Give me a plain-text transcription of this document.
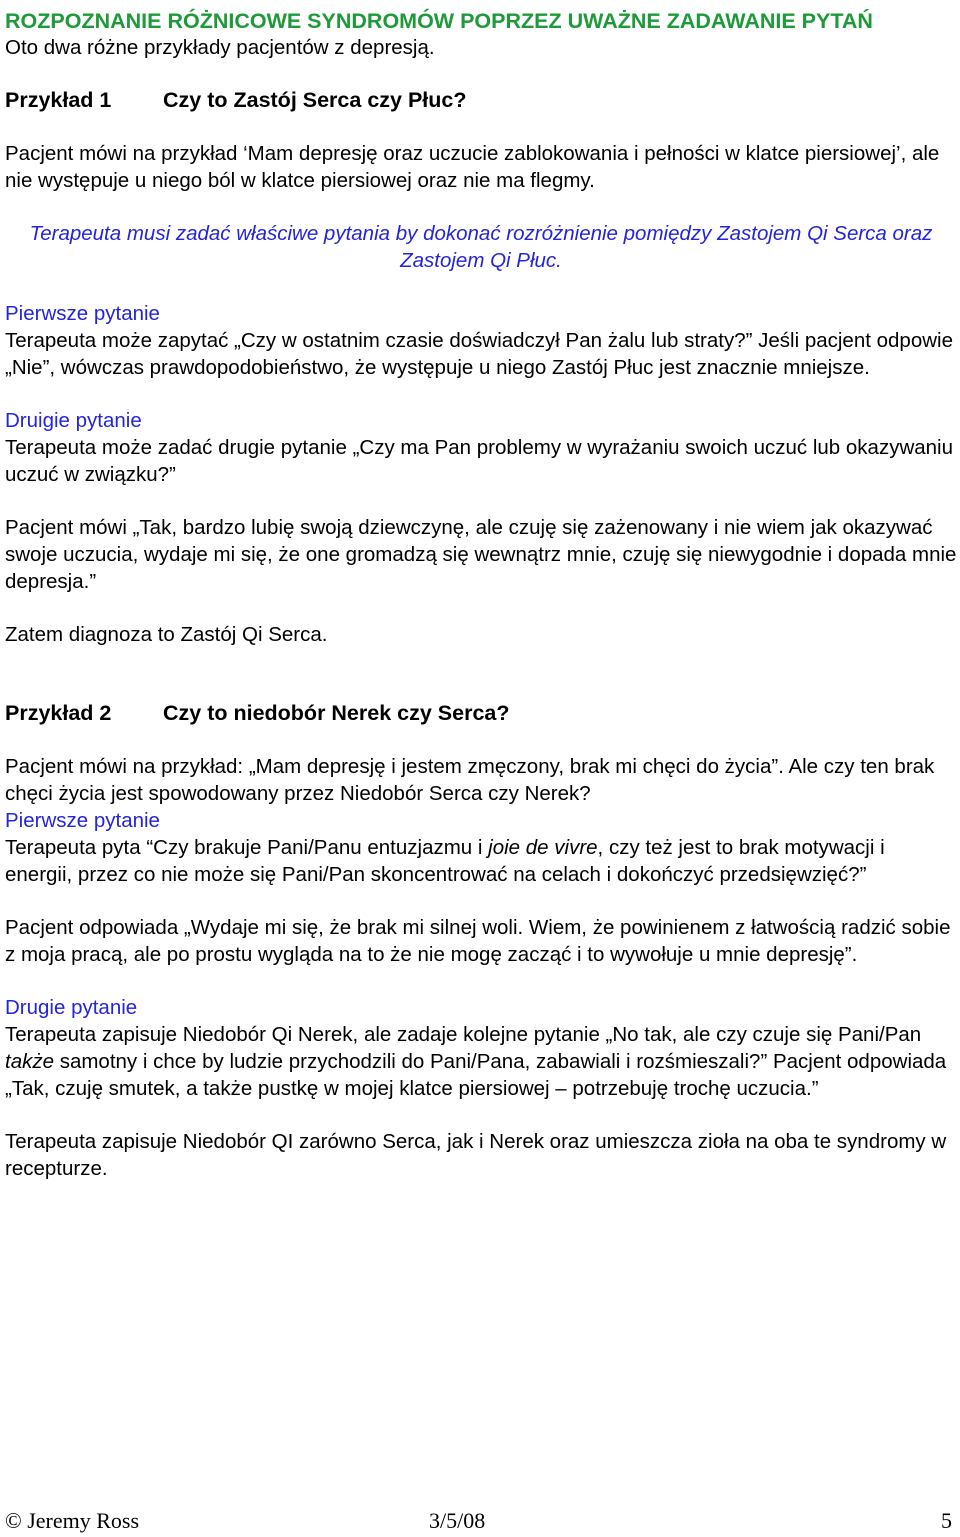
ROZPOZNANIE RÓŻNICOWE SYNDROMÓW POPRZEZ UWAŻNE ZADAWANIE PYTAŃ

Oto dwa różne przykłady pacjentów z depresją.

Przykład 1 Czy to Zastój Serca czy Płuc?

Pacjent mówi na przykład ‘Mam depresję oraz uczucie zablokowania i pełności w klatce piersiowej’, ale nie występuje u niego ból w klatce piersiowej oraz nie ma flegmy.

Terapeuta musi zadać właściwe pytania by dokonać rozróżnienie pomiędzy Zastojem Qi Serca oraz Zastojem Qi Płuc.

Pierwsze pytanie

Terapeuta może zapytać „Czy w ostatnim czasie doświadczył Pan żalu lub straty?” Jeśli pacjent odpowie „Nie”, wówczas prawdopodobieństwo, że występuje u niego Zastój Płuc jest znacznie mniejsze.

Druigie pytanie

Terapeuta może zadać drugie pytanie „Czy ma Pan problemy w wyrażaniu swoich uczuć lub okazywaniu uczuć w związku?”

Pacjent mówi „Tak, bardzo lubię swoją dziewczynę, ale czuję się zażenowany i nie wiem jak okazywać swoje uczucia, wydaje mi się, że one gromadzą się wewnątrz mnie, czuję się niewygodnie i dopada mnie depresja.”

Zatem diagnoza to Zastój Qi Serca.

Przykład 2 Czy to niedobór Nerek czy Serca?

Pacjent mówi na przykład: „Mam depresję i jestem zmęczony, brak mi chęci do życia”. Ale czy ten brak chęci życia jest spowodowany przez Niedobór Serca czy Nerek?

Pierwsze pytanie

Terapeuta pyta “Czy brakuje Pani/Panu entuzjazmu i joie de vivre, czy też jest to brak motywacji i energii, przez co nie może się Pani/Pan skoncentrować na celach i dokończyć przedsięwzięć?”

Pacjent odpowiada „Wydaje mi się, że brak mi silnej woli. Wiem, że powinienem z łatwością radzić sobie z moja pracą, ale po prostu wygląda na to że nie mogę zacząć i to wywołuje u mnie depresję”.

Drugie pytanie

Terapeuta zapisuje Niedobór Qi Nerek, ale zadaje kolejne pytanie „No tak, ale czy czuje się Pani/Pan także samotny i chce by ludzie przychodzili do Pani/Pana, zabawiali i rozśmieszali?” Pacjent odpowiada „Tak, czuję smutek, a także pustkę w mojej klatce piersiowej – potrzebuję trochę uczucia.”

Terapeuta zapisuje Niedobór QI zarówno Serca, jak i Nerek oraz umieszcza zioła na oba te syndromy w recepturze.

© Jeremy Ross	3/5/08	5
